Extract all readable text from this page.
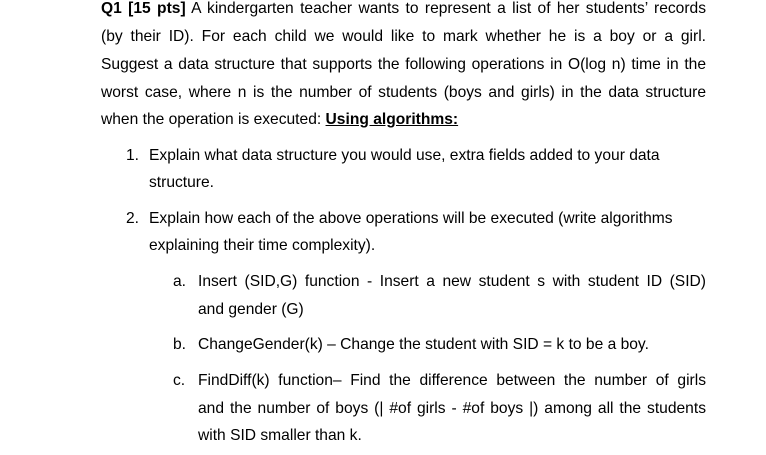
Q1 [15 pts] A kindergarten teacher wants to represent a list of her students’ records
(by their ID). For each child we would like to mark whether he is a boy or a girl.
Suggest a data structure that supports the following operations in O(log n) time in the
worst case, where n is the number of students (boys and girls) in the data structure
when the operation is executed: Using algorithms:
1. Explain what data structure you would use, extra fields added to your data
structure.
2. Explain how each of the above operations will be executed (write algorithms
explaining their time complexity).
a. Insert (SID,G) function - Insert a new student s with student ID (SID)
and gender (G)
b. ChangeGender(k) – Change the student with SID = k to be a boy.
c. FindDiff(k) function– Find the difference between the number of girls
and the number of boys (| #of girls - #of boys |) among all the students
with SID smaller than k.
